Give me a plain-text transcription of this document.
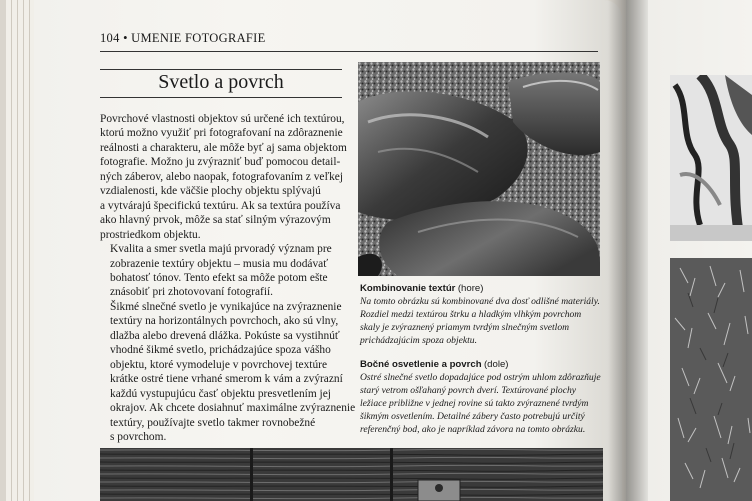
104 • UMENIE FOTOGRAFIE
Svetlo a povrch

Povrchové vlastnosti objektov sú určené ich textúrou,
ktorú možno využiť pri fotografovaní na zdôraznenie
reálnosti a charakteru, ale môže byť aj sama objektom
fotografie. Možno ju zvýrazniť buď pomocou detail-
ných záberov, alebo naopak, fotografovaním z veľkej
vzdialenosti, kde väčšie plochy objektu splývajú
a vytvárajú špecifickú textúru. Ak sa textúra používa
ako hlavný prvok, môže sa stať silným výrazovým
prostriedkom objektu.

Kvalita a smer svetla majú prvoradý význam pre
zobrazenie textúry objektu – musia mu dodávať
bohatosť tónov. Tento efekt sa môže potom ešte
znásobiť pri zhotovovaní fotografií.

Šikmé slnečné svetlo je vynikajúce na zvýraznenie
textúry na horizontálnych povrchoch, ako sú vlny,
dlažba alebo drevená dlážka. Pokúste sa vystihnúť
vhodné šikmé svetlo, prichádzajúce spoza vášho
objektu, ktoré vymodeluje v povrchovej textúre
krátke ostré tiene vrhané smerom k vám a zvýrazní
každú vystupujúcu časť objektu presvetlením jej
okrajov. Ak chcete dosiahnuť maximálne zvýraznenie
textúry, používajte svetlo takmer rovnobežné
s povrchom.

Kombinovanie textúr (hore)
Na tomto obrázku sú kombinované dva dosť odlišné materiály.
Rozdiel medzi textúrou štrku a hladkým vlhkým povrchom
skaly je zvýraznený priamym tvrdým slnečným svetlom
prichádzajúcim spoza objektu.
Bočné osvetlenie a povrch (dole)
Ostré slnečné svetlo dopadajúce pod ostrým uhlom zdôrazňuje
starý vetrom ošľahaný povrch dverí. Textúrované plochy
ležiace približne v jednej rovine sú takto zvýraznené tvrdým
šikmým osvetlením. Detailné zábery často potrebujú určitý
referenčný bod, ako je napríklad závora na tomto obrázku.
